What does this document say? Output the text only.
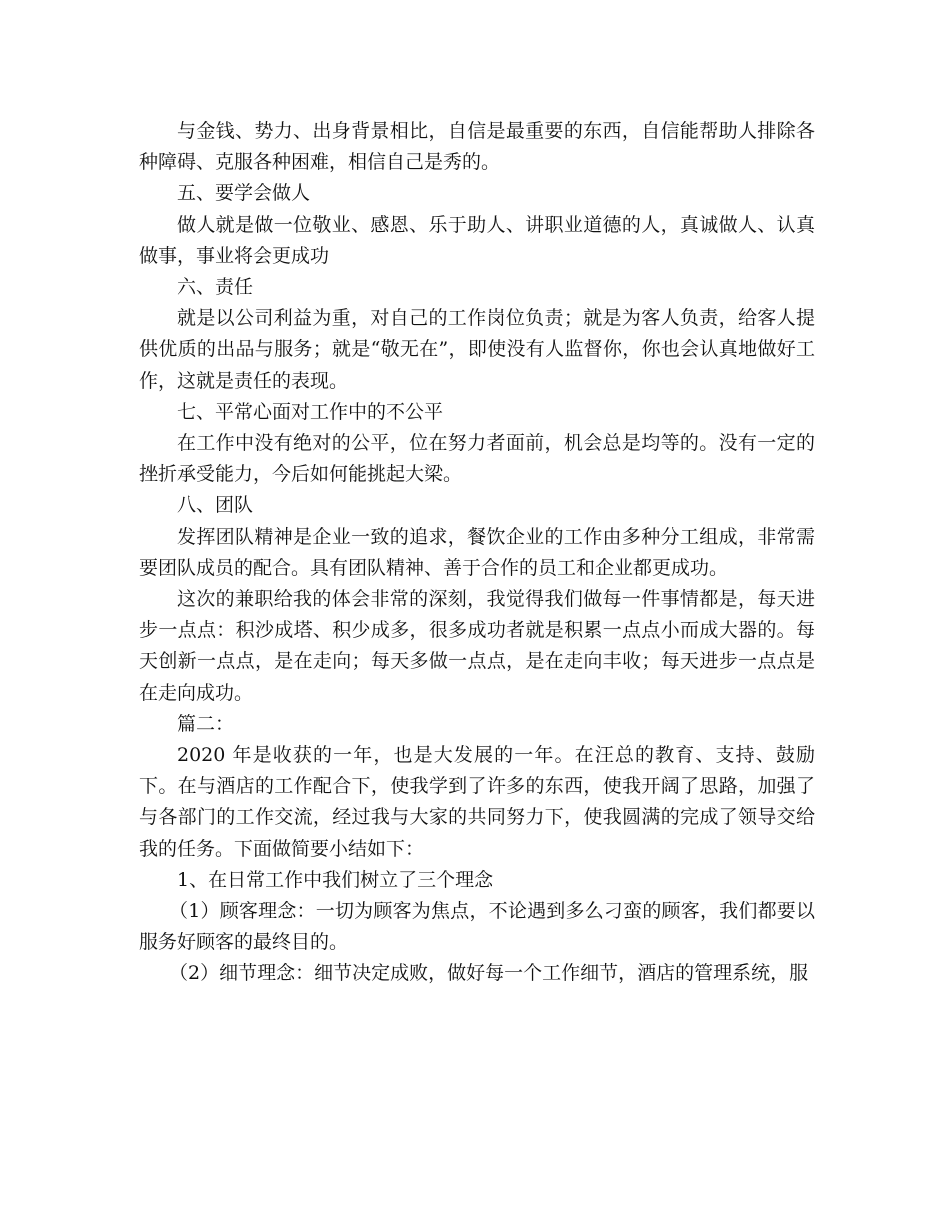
与金钱、势力、出身背景相比，自信是最重要的东西，自信能帮助人排除各种障碍、克服各种困难，相信自己是秀的。

五、要学会做人

做人就是做一位敬业、感恩、乐于助人、讲职业道德的人，真诚做人、认真做事，事业将会更成功

六、责任

就是以公司利益为重，对自己的工作岗位负责；就是为客人负责，给客人提供优质的出品与服务；就是“敬无在”，即使没有人监督你，你也会认真地做好工作，这就是责任的表现。

七、平常心面对工作中的不公平

在工作中没有绝对的公平，位在努力者面前，机会总是均等的。没有一定的挫折承受能力，今后如何能挑起大梁。

八、团队

发挥团队精神是企业一致的追求，餐饮企业的工作由多种分工组成，非常需要团队成员的配合。具有团队精神、善于合作的员工和企业都更成功。

这次的兼职给我的体会非常的深刻，我觉得我们做每一件事情都是，每天进步一点点：积沙成塔、积少成多，很多成功者就是积累一点点小而成大器的。每天创新一点点，是在走向；每天多做一点点，是在走向丰收；每天进步一点点是在走向成功。

篇二：

2020 年是收获的一年，也是大发展的一年。在汪总的教育、支持、鼓励下。在与酒店的工作配合下，使我学到了许多的东西，使我开阔了思路，加强了与各部门的工作交流，经过我与大家的共同努力下，使我圆满的完成了领导交给我的任务。下面做简要小结如下：

1、在日常工作中我们树立了三个理念

（1）顾客理念：一切为顾客为焦点，不论遇到多么刁蛮的顾客，我们都要以服务好顾客的最终目的。

（2）细节理念：细节决定成败，做好每一个工作细节，酒店的管理系统，服
